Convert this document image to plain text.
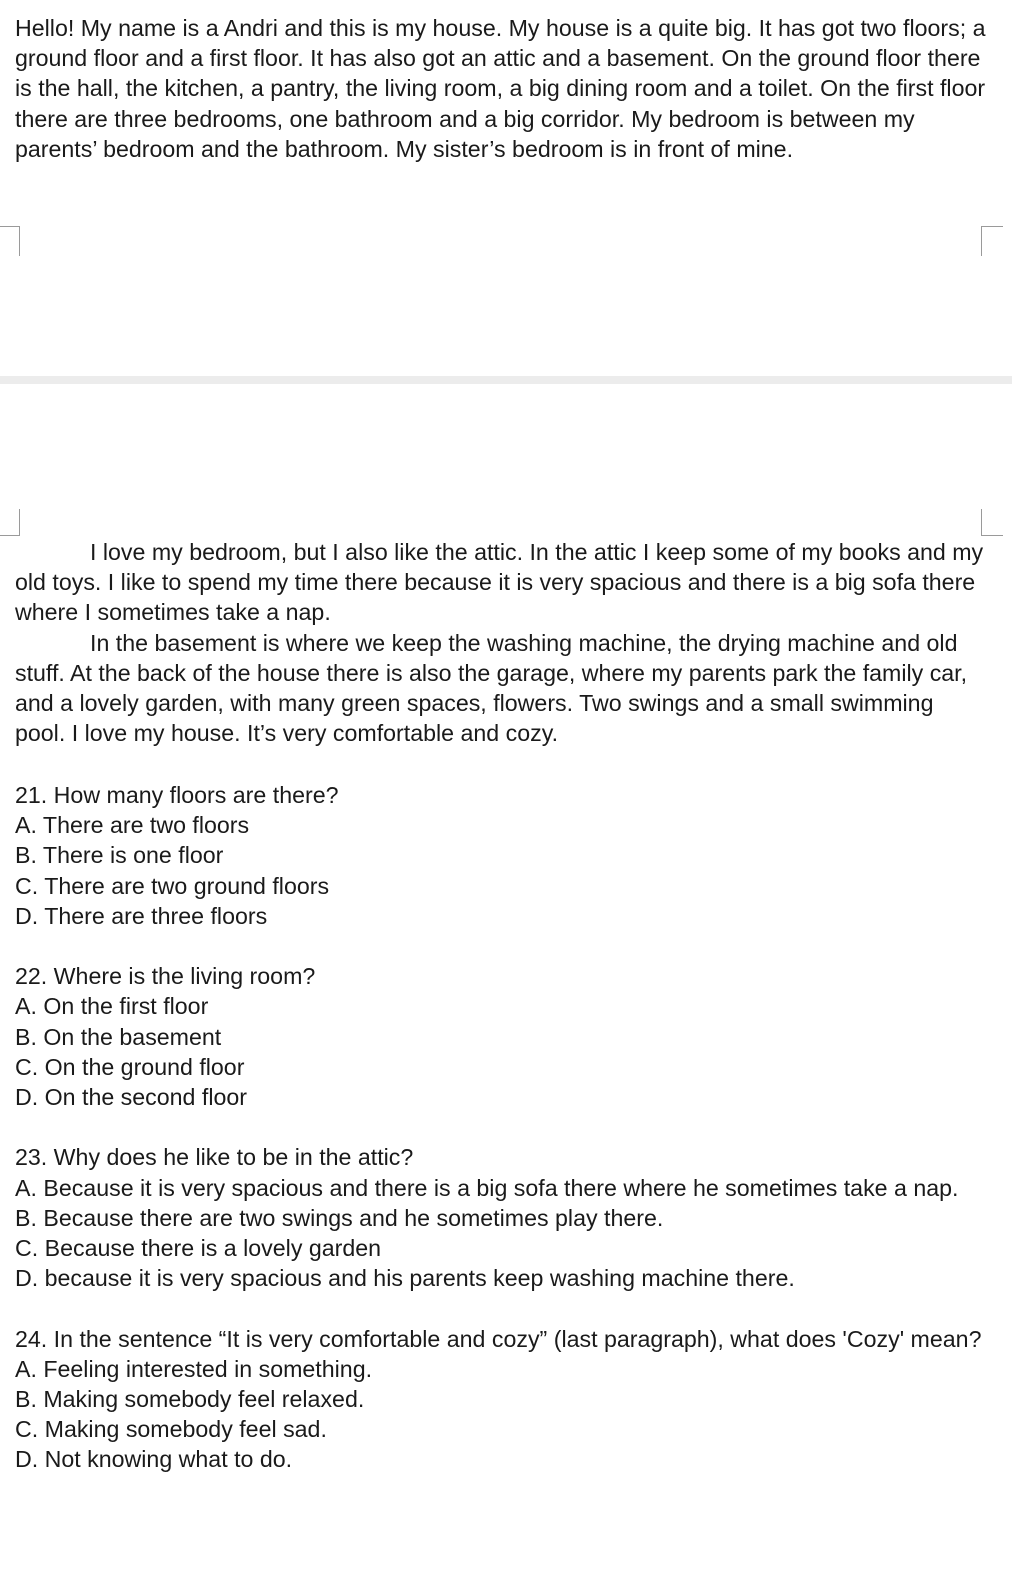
Hello! My name is a Andri and this is my house. My house is a quite big. It has got two floors; a ground floor and a first floor. It has also got an attic and a basement. On the ground floor there is the hall, the kitchen, a pantry, the living room, a big dining room and a toilet. On the first floor there are three bedrooms, one bathroom and a big corridor. My bedroom is between my parents’ bedroom and the bathroom. My sister’s bedroom is in front of mine.

I love my bedroom, but I also like the attic. In the attic I keep some of my books and my old toys. I like to spend my time there because it is very spacious and there is a big sofa there where I sometimes take a nap.

In the basement is where we keep the washing machine, the drying machine and old stuff. At the back of the house there is also the garage, where my parents park the family car, and a lovely garden, with many green spaces, flowers. Two swings and a small swimming pool. I love my house. It’s very comfortable and cozy.

21. How many floors are there?

A. There are two floors

B. There is one floor

C. There are two ground floors

D. There are three floors

22. Where is the living room?

A. On the first floor

B. On the basement

C. On the ground floor

D. On the second floor

23. Why does he like to be in the attic?

A. Because it is very spacious and there is a big sofa there where he sometimes take a nap.

B. Because there are two swings and he sometimes play there.

C. Because there is a lovely garden

D. because it is very spacious and his parents keep washing machine there.

24. In the sentence “It is very comfortable and cozy” (last paragraph), what does 'Cozy' mean?

A. Feeling interested in something.

B. Making somebody feel relaxed.

C. Making somebody feel sad.

D. Not knowing what to do.
